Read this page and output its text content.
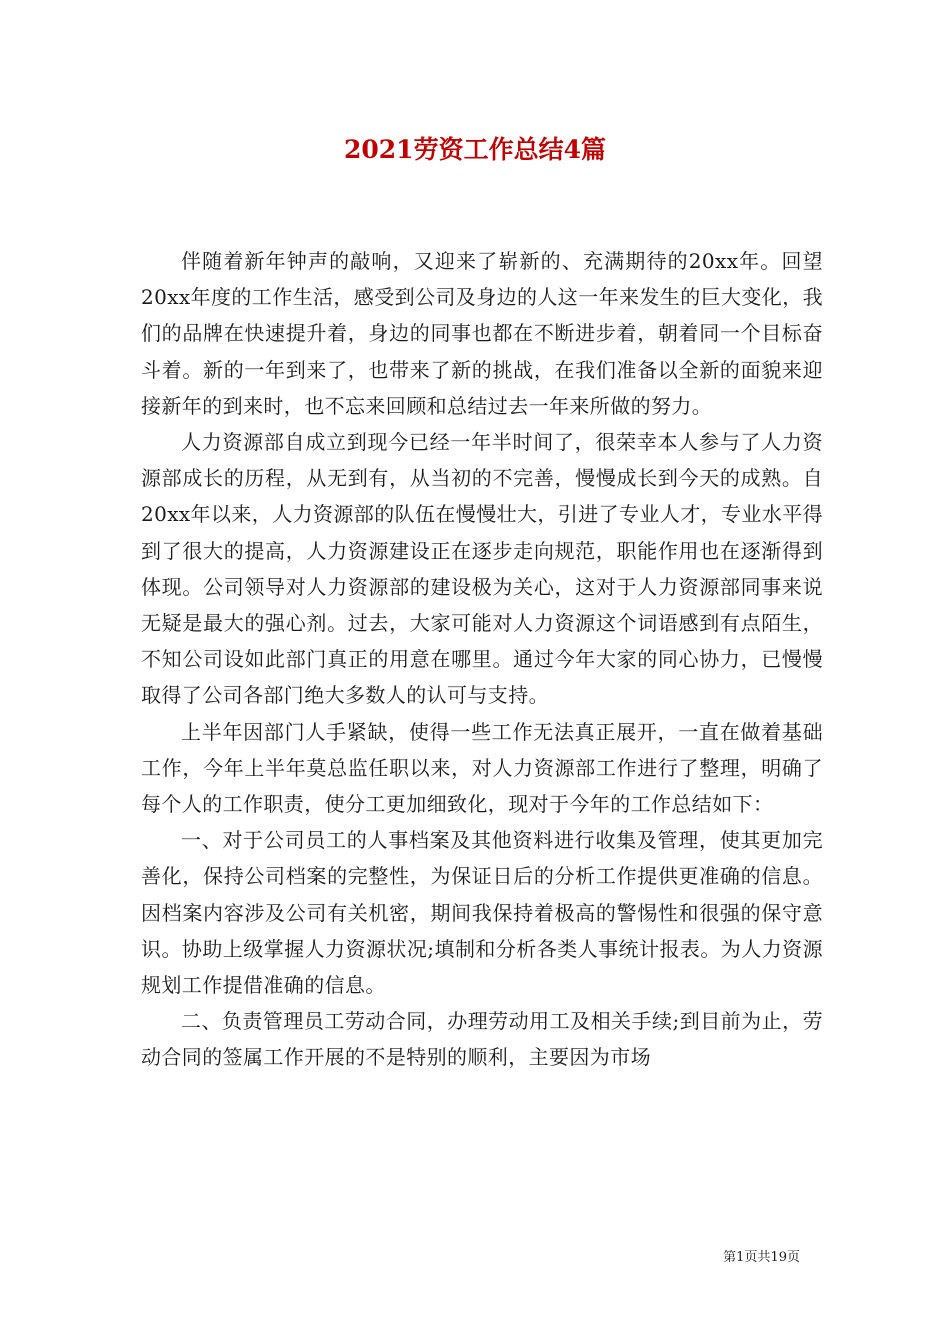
2021劳资工作总结4篇

伴随着新年钟声的敲响，又迎来了崭新的、充满期待的20xx年。回望20xx年度的工作生活，感受到公司及身边的人这一年来发生的巨大变化，我们的品牌在快速提升着，身边的同事也都在不断进步着，朝着同一个目标奋斗着。新的一年到来了，也带来了新的挑战，在我们准备以全新的面貌来迎接新年的到来时，也不忘来回顾和总结过去一年来所做的努力。

人力资源部自成立到现今已经一年半时间了，很荣幸本人参与了人力资源部成长的历程，从无到有，从当初的不完善，慢慢成长到今天的成熟。自20xx年以来，人力资源部的队伍在慢慢壮大，引进了专业人才，专业水平得到了很大的提高，人力资源建设正在逐步走向规范，职能作用也在逐渐得到体现。公司领导对人力资源部的建设极为关心，这对于人力资源部同事来说无疑是最大的强心剂。过去，大家可能对人力资源这个词语感到有点陌生，不知公司设如此部门真正的用意在哪里。通过今年大家的同心协力，已慢慢取得了公司各部门绝大多数人的认可与支持。

上半年因部门人手紧缺，使得一些工作无法真正展开，一直在做着基础工作，今年上半年莫总监任职以来，对人力资源部工作进行了整理，明确了每个人的工作职责，使分工更加细致化，现对于今年的工作总结如下：

一、对于公司员工的人事档案及其他资料进行收集及管理，使其更加完善化，保持公司档案的完整性，为保证日后的分析工作提供更准确的信息。因档案内容涉及公司有关机密，期间我保持着极高的警惕性和很强的保守意识。协助上级掌握人力资源状况;填制和分析各类人事统计报表。为人力资源规划工作提借准确的信息。

二、负责管理员工劳动合同，办理劳动用工及相关手续;到目前为止，劳动合同的签属工作开展的不是特别的顺利，主要因为市场

第1页共19页
